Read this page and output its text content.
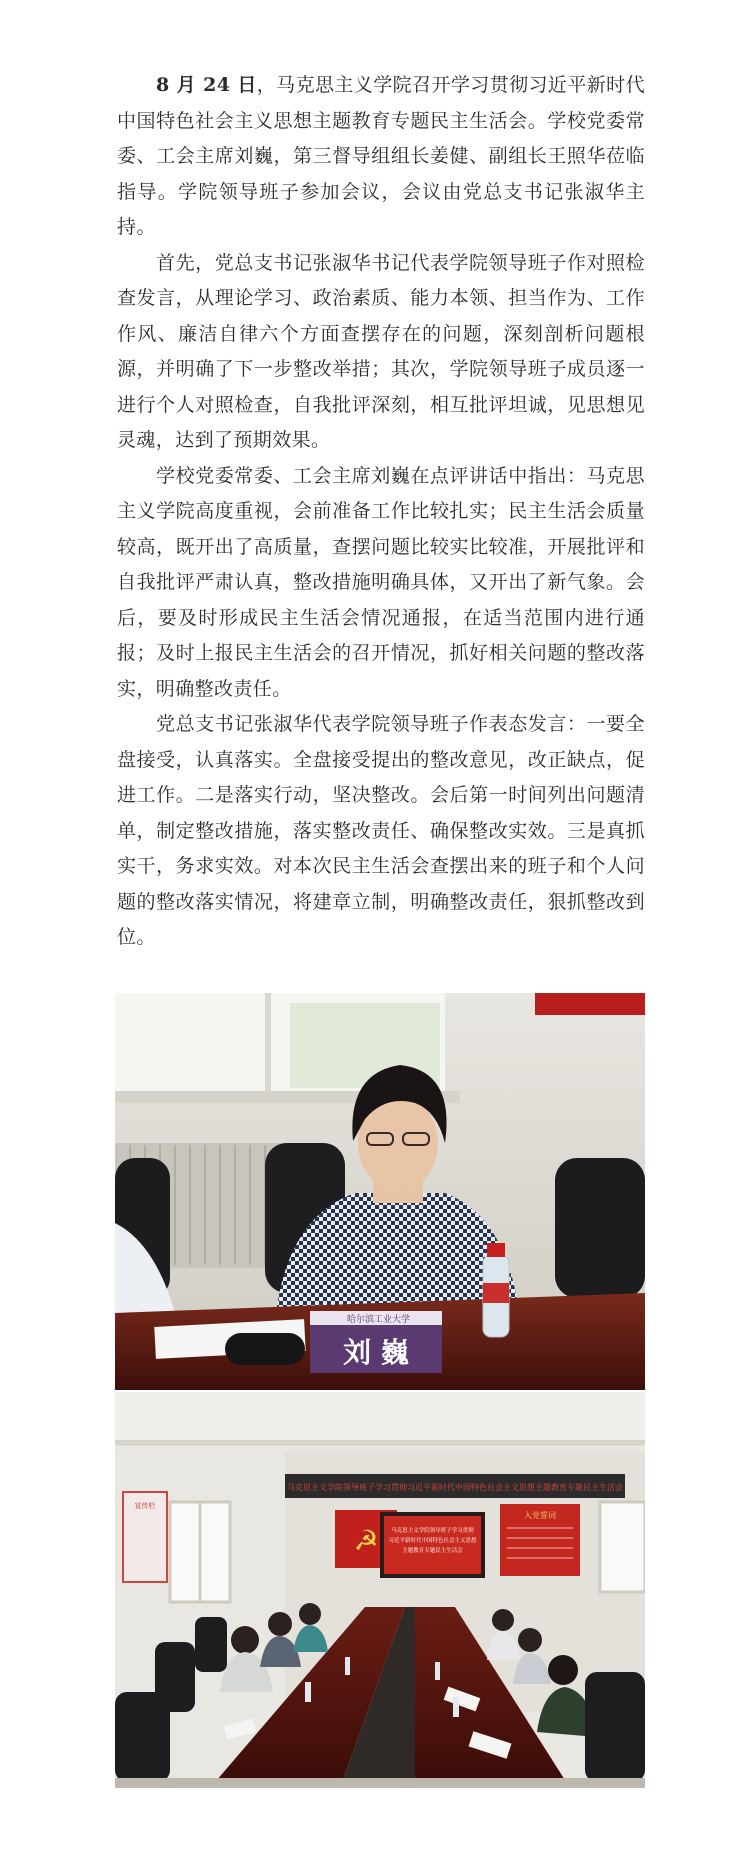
8 月 24 日，马克思主义学院召开学习贯彻习近平新时代中国特色社会主义思想主题教育专题民主生活会。学校党委常委、工会主席刘巍，第三督导组组长姜健、副组长王照华莅临指导。学院领导班子参加会议，会议由党总支书记张淑华主持。

首先，党总支书记张淑华书记代表学院领导班子作对照检查发言，从理论学习、政治素质、能力本领、担当作为、工作作风、廉洁自律六个方面查摆存在的问题，深刻剖析问题根源，并明确了下一步整改举措；其次，学院领导班子成员逐一进行个人对照检查，自我批评深刻，相互批评坦诚，见思想见灵魂，达到了预期效果。

学校党委常委、工会主席刘巍在点评讲话中指出：马克思主义学院高度重视，会前准备工作比较扎实；民主生活会质量较高，既开出了高质量，查摆问题比较实比较准，开展批评和自我批评严肃认真，整改措施明确具体，又开出了新气象。会后，要及时形成民主生活会情况通报，在适当范围内进行通报；及时上报民主生活会的召开情况，抓好相关问题的整改落实，明确整改责任。

党总支书记张淑华代表学院领导班子作表态发言：一要全盘接受，认真落实。全盘接受提出的整改意见，改正缺点，促进工作。二是落实行动，坚决整改。会后第一时间列出问题清单，制定整改措施，落实整改责任、确保整改实效。三是真抓实干，务求实效。对本次民主生活会查摆出来的班子和个人问题的整改落实情况，将建章立制，明确整改责任，狠抓整改到位。

哈尔滨工业大学
刘 巍
马克思主义学院领导班子学习贯彻习近平新时代中国特色社会主义思想主题教育专题民主生活会
☭ 马克思主义学院领导班子学习贯彻
习近平新时代中国特色社会主义思想
主题教育专题民主生活会
入党誓词
宣传栏
